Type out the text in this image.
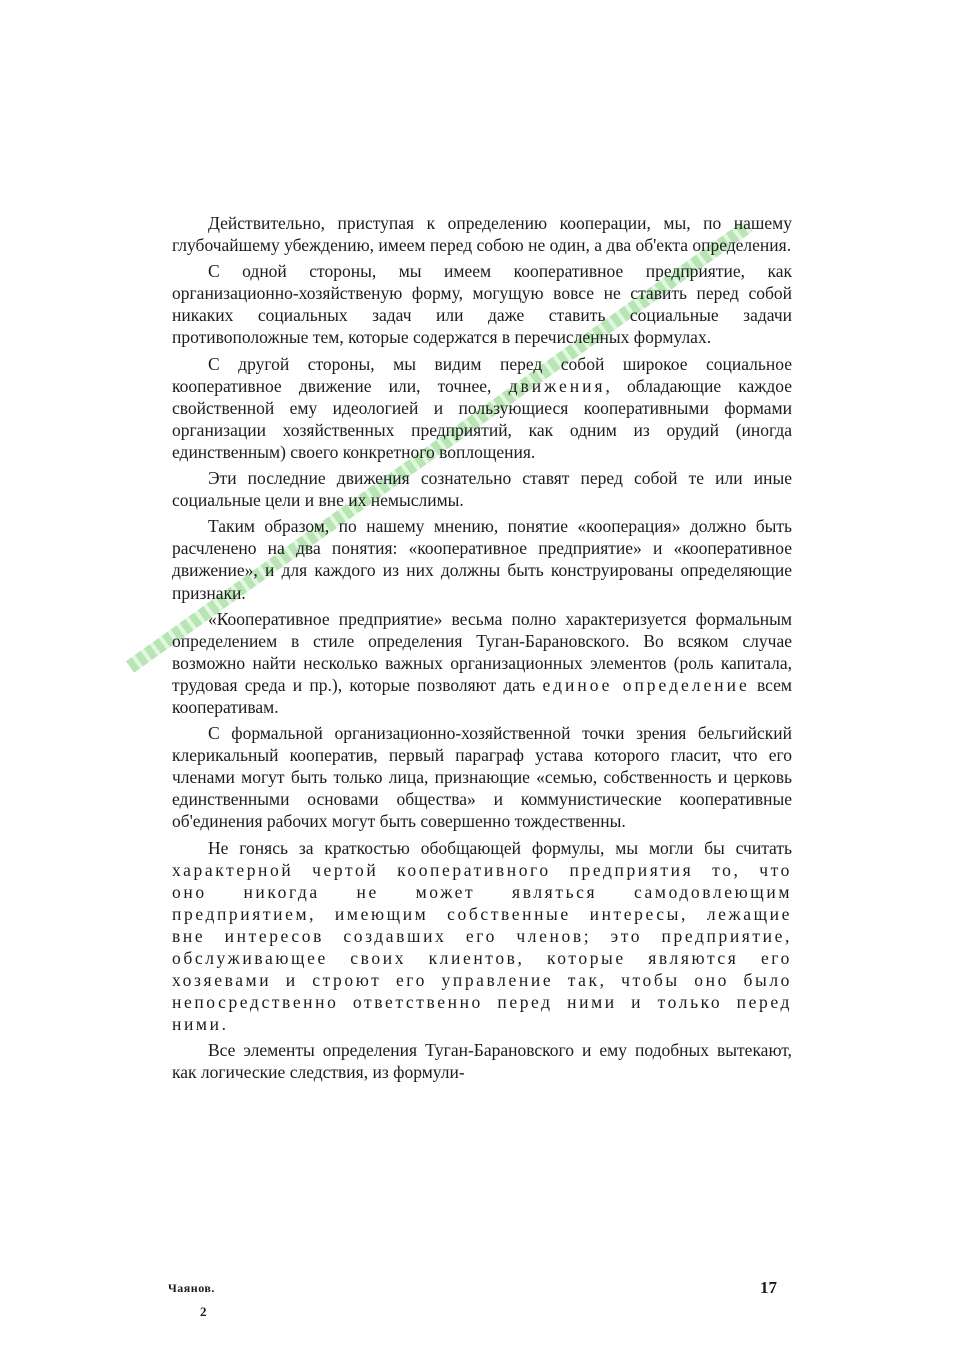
Действительно, приступая к определению кооперации, мы, по нашему глубочайшему убеждению, имеем перед собою не один, а два об'екта определения.

С одной стороны, мы имеем кооперативное предприятие, как организационно-хозяйственую форму, могущую вовсе не ставить перед собой никаких социальных задач или даже ставить социальные задачи противоположные тем, которые содержатся в перечисленных формулах.

С другой стороны, мы видим перед собой широкое социальное кооперативное движение или, точнее, движения, обладающие каждое свойственной ему идеологией и пользующиеся кооперативными формами организации хозяйственных предприятий, как одним из орудий (иногда единственным) своего конкретного воплощения.

Эти последние движения сознательно ставят перед собой те или иные социальные цели и вне их немыслимы.

Таким образом, по нашему мнению, понятие «кооперация» должно быть расчленено на два понятия: «кооперативное предприятие» и «кооперативное движение», и для каждого из них должны быть конструированы определяющие признаки.

«Кооперативное предприятие» весьма полно характеризуется формальным определением в стиле определения Туган-Барановского. Во всяком случае возможно найти несколько важных организационных элементов (роль капитала, трудовая среда и пр.), которые позволяют дать единое определение всем кооперативам.

С формальной организационно-хозяйственной точки зрения бельгийский клерикальный кооператив, первый параграф устава которого гласит, что его членами могут быть только лица, признающие «семью, собственность и церковь единственными основами общества» и коммунистические кооперативные об'единения рабочих могут быть совершенно тождественны.

Не гонясь за краткостью обобщающей формулы, мы могли бы считать характерной чертой кооперативного предприятия то, что оно никогда не может являться самодовлеющим предприятием, имеющим собственные интересы, лежащие вне интересов создавших его членов; это предприятие, обслуживающее своих клиентов, которые являются его хозяевами и строют его управление так, чтобы оно было непосредственно ответственно перед ними и только перед ними.

Все элементы определения Туган-Барановского и ему подобных вытекают, как логические следствия, из формули-

Чаянов.
2
17
